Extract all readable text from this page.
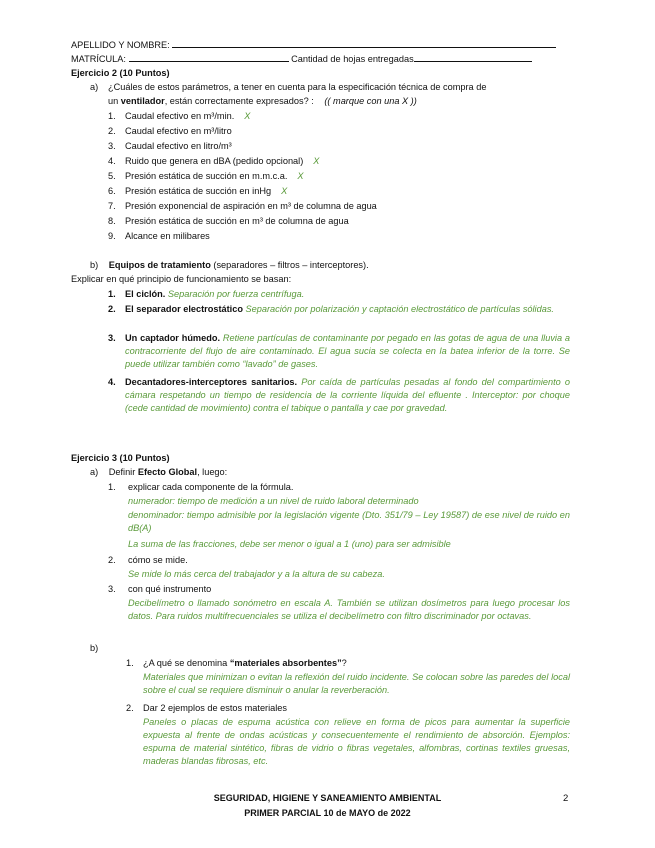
APELLIDO Y NOMBRE:
MATRÍCULA:	Cantidad de hojas entregadas
Ejercicio 2 (10 Puntos)
a) ¿Cuáles de estos parámetros, a tener en cuenta para la especificación técnica de compra de
un ventilador, están correctamente expresados? : (( marque con una X ))
1. Caudal efectivo en m³/min. X
2. Caudal efectivo en m³/litro
3. Caudal efectivo en litro/m³
4. Ruido que genera en dBA (pedido opcional) X
5. Presión estática de succión en m.m.c.a. X
6. Presión estática de succión en inHg X
7. Presión exponencial de aspiración en m³ de columna de agua
8. Presión estática de succión en m³ de columna de agua
9. Alcance en milibares
b) Equipos de tratamiento (separadores – filtros – interceptores).
Explicar en qué principio de funcionamiento se basan:
1. El ciclón. Separación por fuerza centrífuga.
2. El separador electrostático Separación por polarización y captación electrostático de partículas sólidas.
3. Un captador húmedo. Retiene partículas de contaminante por pegado en las gotas de agua de una lluvia a contracorriente del flujo de aire contaminado. El agua sucia se colecta en la batea inferior de la torre. Se puede utilizar también como “lavado” de gases.
4. Decantadores-interceptores sanitarios. Por caída de partículas pesadas al fondo del compartimiento o cámara respetando un tiempo de residencia de la corriente líquida del efluente . Interceptor: por choque (cede cantidad de movimiento) contra el tabique o pantalla y cae por gravedad.
Ejercicio 3 (10 Puntos)
a) Definir Efecto Global, luego:
1. explicar cada componente de la fórmula.
numerador: tiempo de medición a un nivel de ruido laboral determinado
denominador: tiempo admisible por la legislación vigente (Dto. 351/79 – Ley 19587) de ese nivel de ruido en dB(A)
La suma de las fracciones, debe ser menor o igual a 1 (uno) para ser admisible
2. cómo se mide.
Se mide lo más cerca del trabajador y a la altura de su cabeza.
3. con qué instrumento
Decibelímetro o llamado sonómetro en escala A. También se utilizan dosímetros para luego procesar los datos. Para ruidos multifrecuenciales se utiliza el decibelímetro con filtro discriminador por octavas.
b)
1. ¿A qué se denomina “materiales absorbentes”?
Materiales que minimizan o evitan la reflexión del ruido incidente. Se colocan sobre las paredes del local sobre el cual se requiere disminuir o anular la reverberación.
2. Dar 2 ejemplos de estos materiales
Paneles o placas de espuma acústica con relieve en forma de picos para aumentar la superficie expuesta al frente de ondas acústicas y consecuentemente el rendimiento de absorción. Ejemplos: espuma de material sintético, fibras de vidrio o fibras vegetales, alfombras, cortinas textiles gruesas, maderas blandas fibrosas, etc.
SEGURIDAD, HIGIENE Y SANEAMIENTO AMBIENTAL
PRIMER PARCIAL 10 de MAYO de 2022
2
